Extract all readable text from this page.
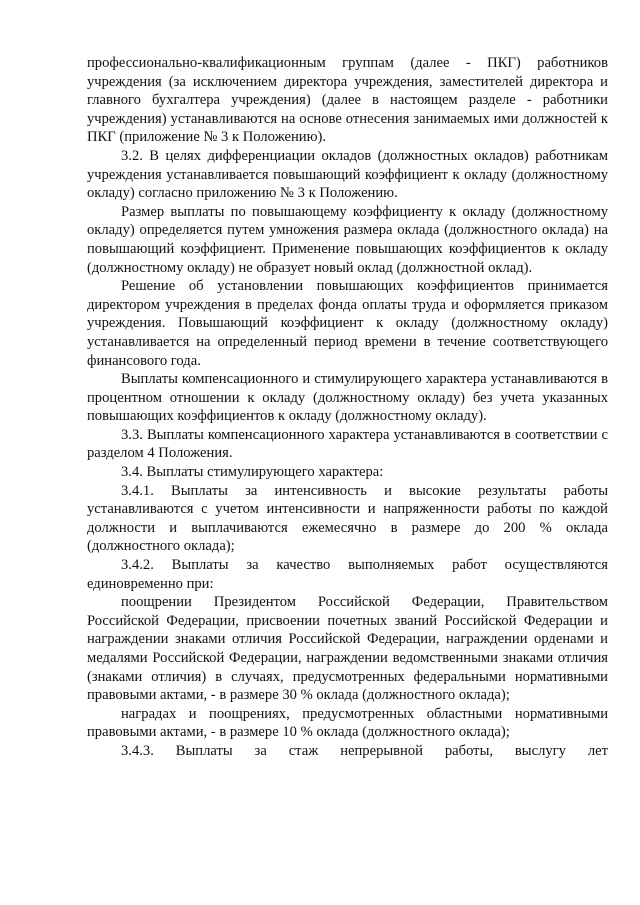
профессионально-квалификационным группам (далее - ПКГ) работников учреждения (за исключением директора учреждения, заместителей директора и главного бухгалтера учреждения) (далее в настоящем разделе - работники учреждения) устанавливаются на основе отнесения занимаемых ими должностей к ПКГ (приложение № 3 к Положению).

3.2. В целях дифференциации окладов (должностных окладов) работникам учреждения устанавливается повышающий коэффициент к окладу (должностному окладу) согласно приложению № 3 к Положению.

Размер выплаты по повышающему коэффициенту к окладу (должностному окладу) определяется путем умножения размера оклада (должностного оклада) на повышающий коэффициент. Применение повышающих коэффициентов к окладу (должностному окладу) не образует новый оклад (должностной оклад).

Решение об установлении повышающих коэффициентов принимается директором учреждения в пределах фонда оплаты труда и оформляется приказом учреждения. Повышающий коэффициент к окладу (должностному окладу) устанавливается на определенный период времени в течение соответствующего финансового года.

Выплаты компенсационного и стимулирующего характера устанавливаются в процентном отношении к окладу (должностному окладу) без учета указанных повышающих коэффициентов к окладу (должностному окладу).

3.3. Выплаты компенсационного характера устанавливаются в соответствии с разделом 4 Положения.

3.4. Выплаты стимулирующего характера:

3.4.1. Выплаты за интенсивность и высокие результаты работы устанавливаются с учетом интенсивности и напряженности работы по каждой должности и выплачиваются ежемесячно в размере до 200 % оклада (должностного оклада);

3.4.2. Выплаты за качество выполняемых работ осуществляются единовременно при:

поощрении Президентом Российской Федерации, Правительством Российской Федерации, присвоении почетных званий Российской Федерации и награждении знаками отличия Российской Федерации, награждении орденами и медалями Российской Федерации, награждении ведомственными знаками отличия (знаками отличия) в случаях, предусмотренных федеральными нормативными правовыми актами, - в размере 30 % оклада (должностного оклада);

наградах и поощрениях, предусмотренных областными нормативными правовыми актами, - в размере 10 % оклада (должностного оклада);

3.4.3. Выплаты за стаж непрерывной работы, выслугу лет
